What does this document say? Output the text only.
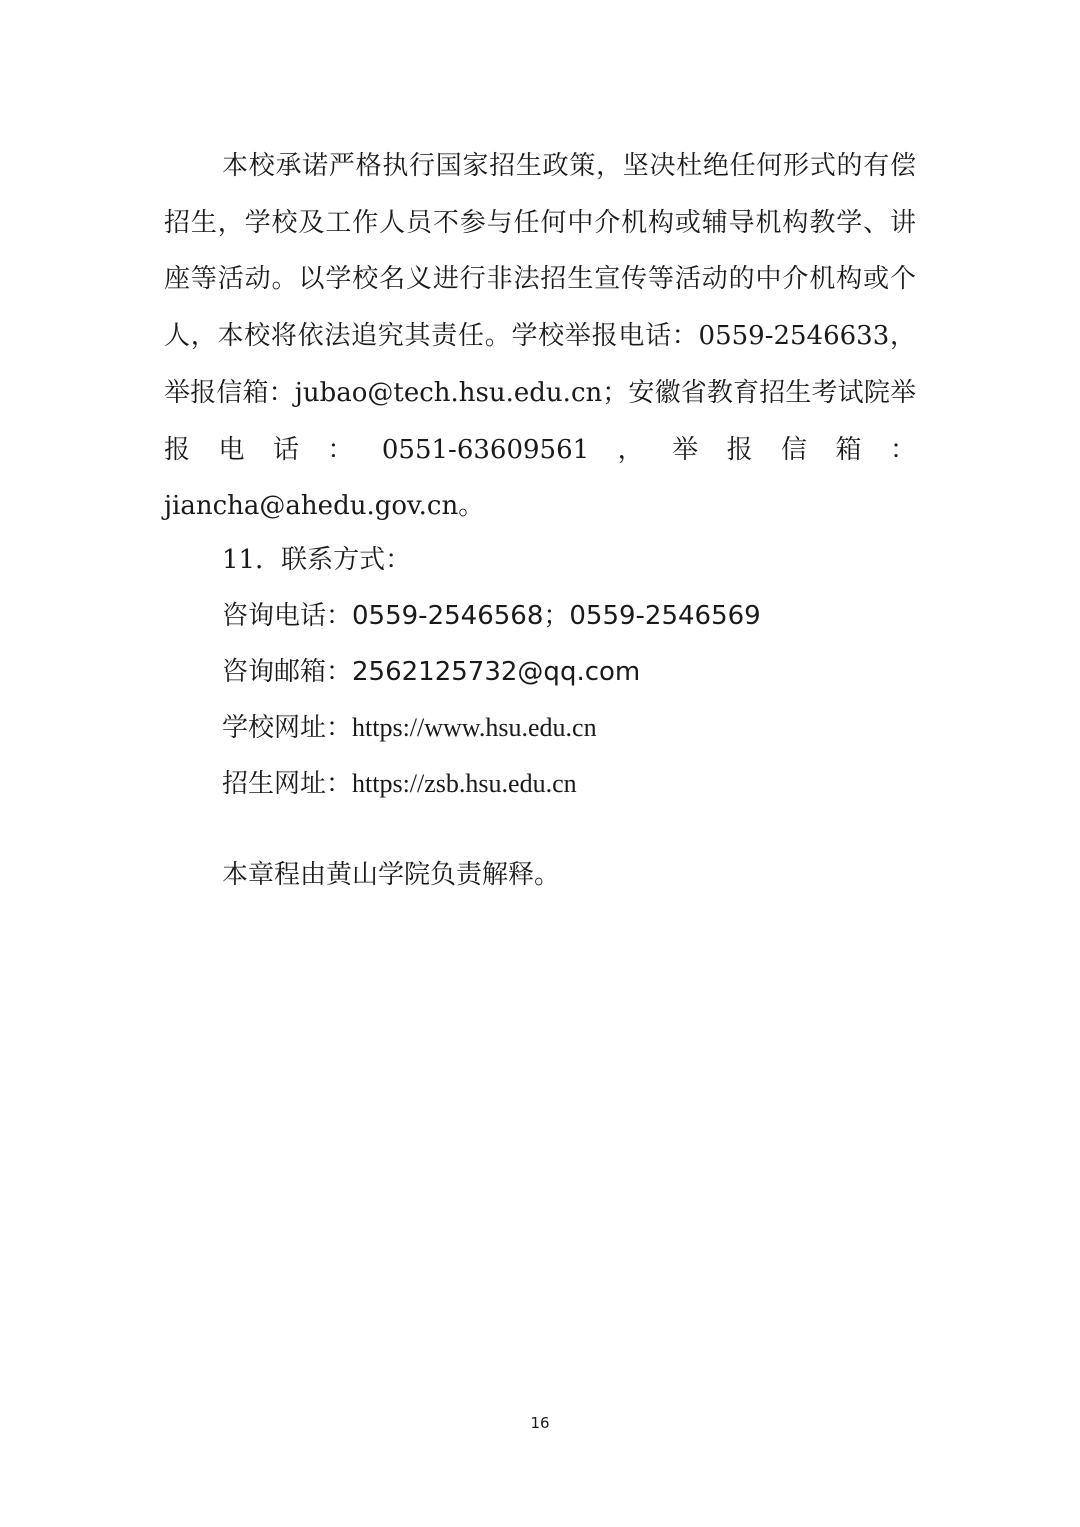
本校承诺严格执行国家招生政策，坚决杜绝任何形式的有偿招生，学校及工作人员不参与任何中介机构或辅导机构教学、讲座等活动。以学校名义进行非法招生宣传等活动的中介机构或个人，本校将依法追究其责任。学校举报电话：0559-2546633，举报信箱：jubao@tech.hsu.edu.cn；安徽省教育招生考试院举报电话：0551-63609561，举报信箱：jiancha@ahedu.gov.cn。

11．联系方式：
咨询电话：0559-2546568；0559-2546569
咨询邮箱：2562125732@qq.com
学校网址：https://www.hsu.edu.cn
招生网址：https://zsb.hsu.edu.cn
本章程由黄山学院负责解释。
16
